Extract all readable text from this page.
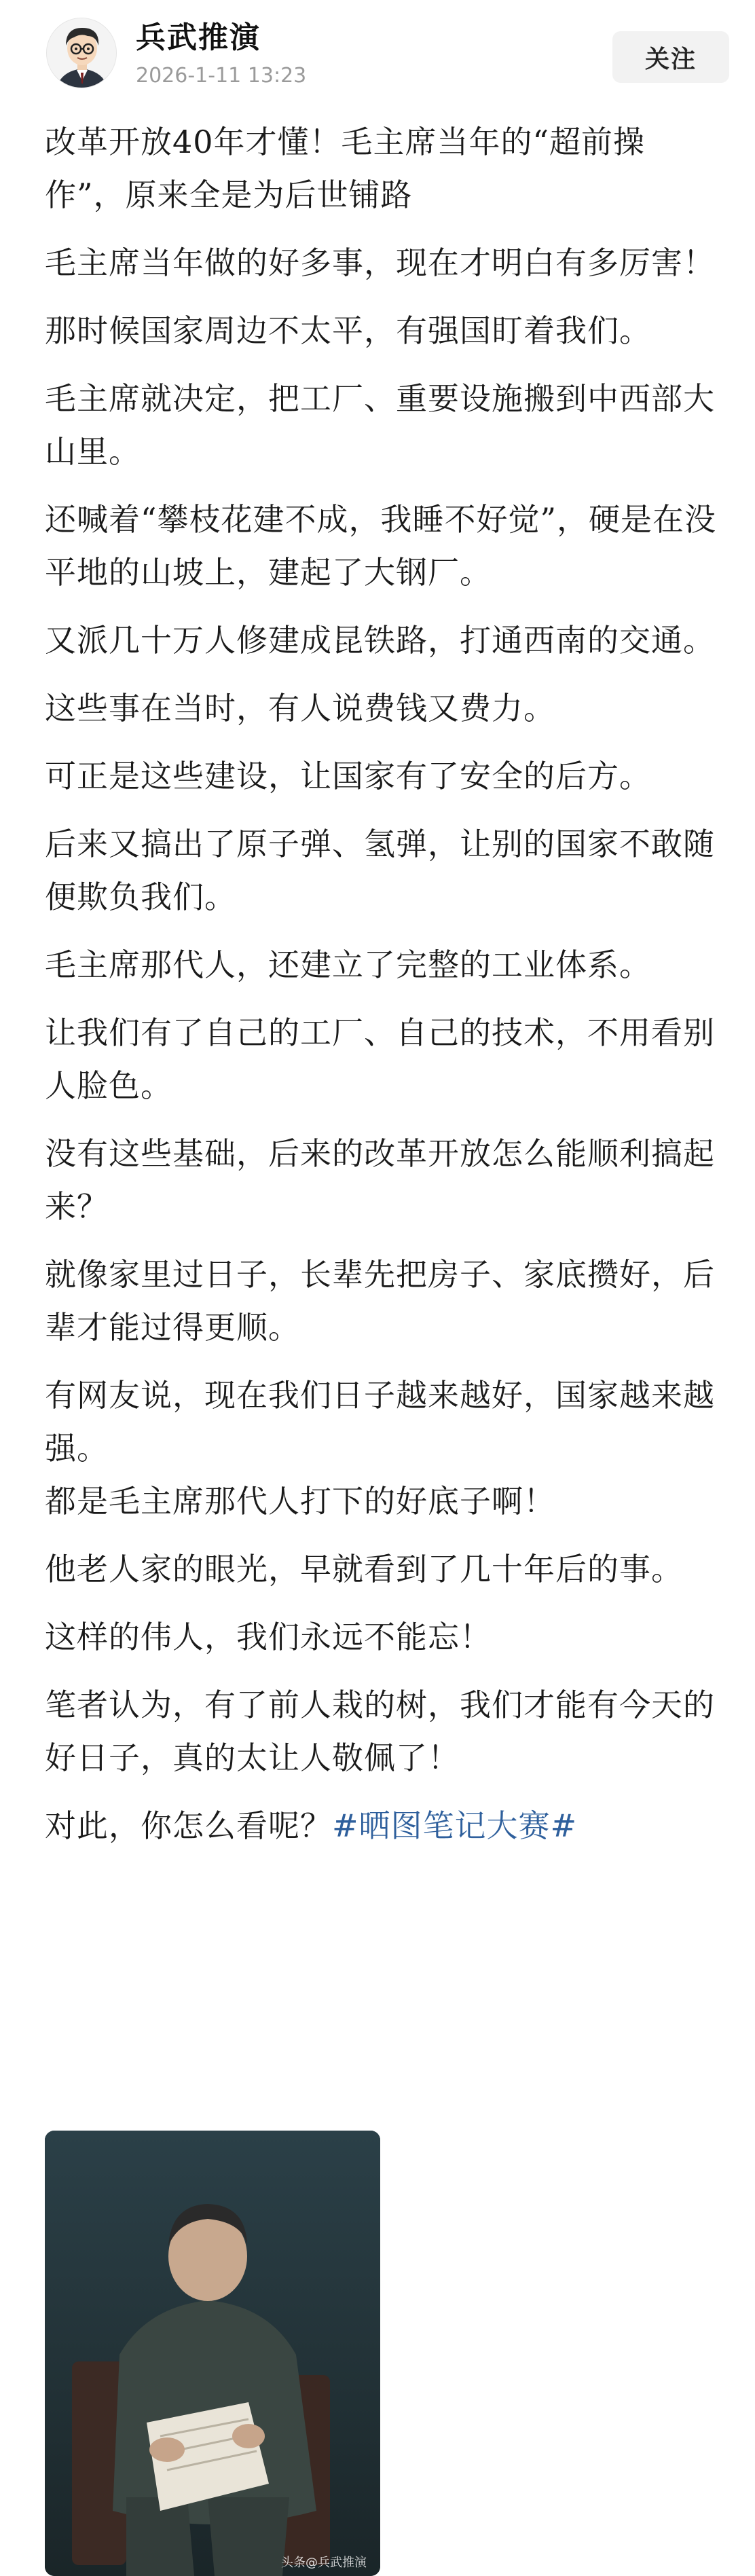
兵武推演
2026-1-11 13:23
关注

改革开放40年才懂！毛主席当年的“超前操作”，原来全是为后世铺路

毛主席当年做的好多事，现在才明白有多厉害！

那时候国家周边不太平，有强国盯着我们。

毛主席就决定，把工厂、重要设施搬到中西部大山里。

还喊着“攀枝花建不成，我睡不好觉”，硬是在没平地的山坡上，建起了大钢厂。

又派几十万人修建成昆铁路，打通西南的交通。

这些事在当时，有人说费钱又费力。

可正是这些建设，让国家有了安全的后方。

后来又搞出了原子弹、氢弹，让别的国家不敢随便欺负我们。

毛主席那代人，还建立了完整的工业体系。

让我们有了自己的工厂、自己的技术，不用看别人脸色。

没有这些基础，后来的改革开放怎么能顺利搞起来？

就像家里过日子，长辈先把房子、家底攒好，后辈才能过得更顺。

有网友说，现在我们日子越来越好，国家越来越强。

都是毛主席那代人打下的好底子啊！

他老人家的眼光，早就看到了几十年后的事。

这样的伟人，我们永远不能忘！

笔者认为，有了前人栽的树，我们才能有今天的好日子，真的太让人敬佩了！

对此，你怎么看呢？#晒图笔记大赛#

头条@兵武推演
